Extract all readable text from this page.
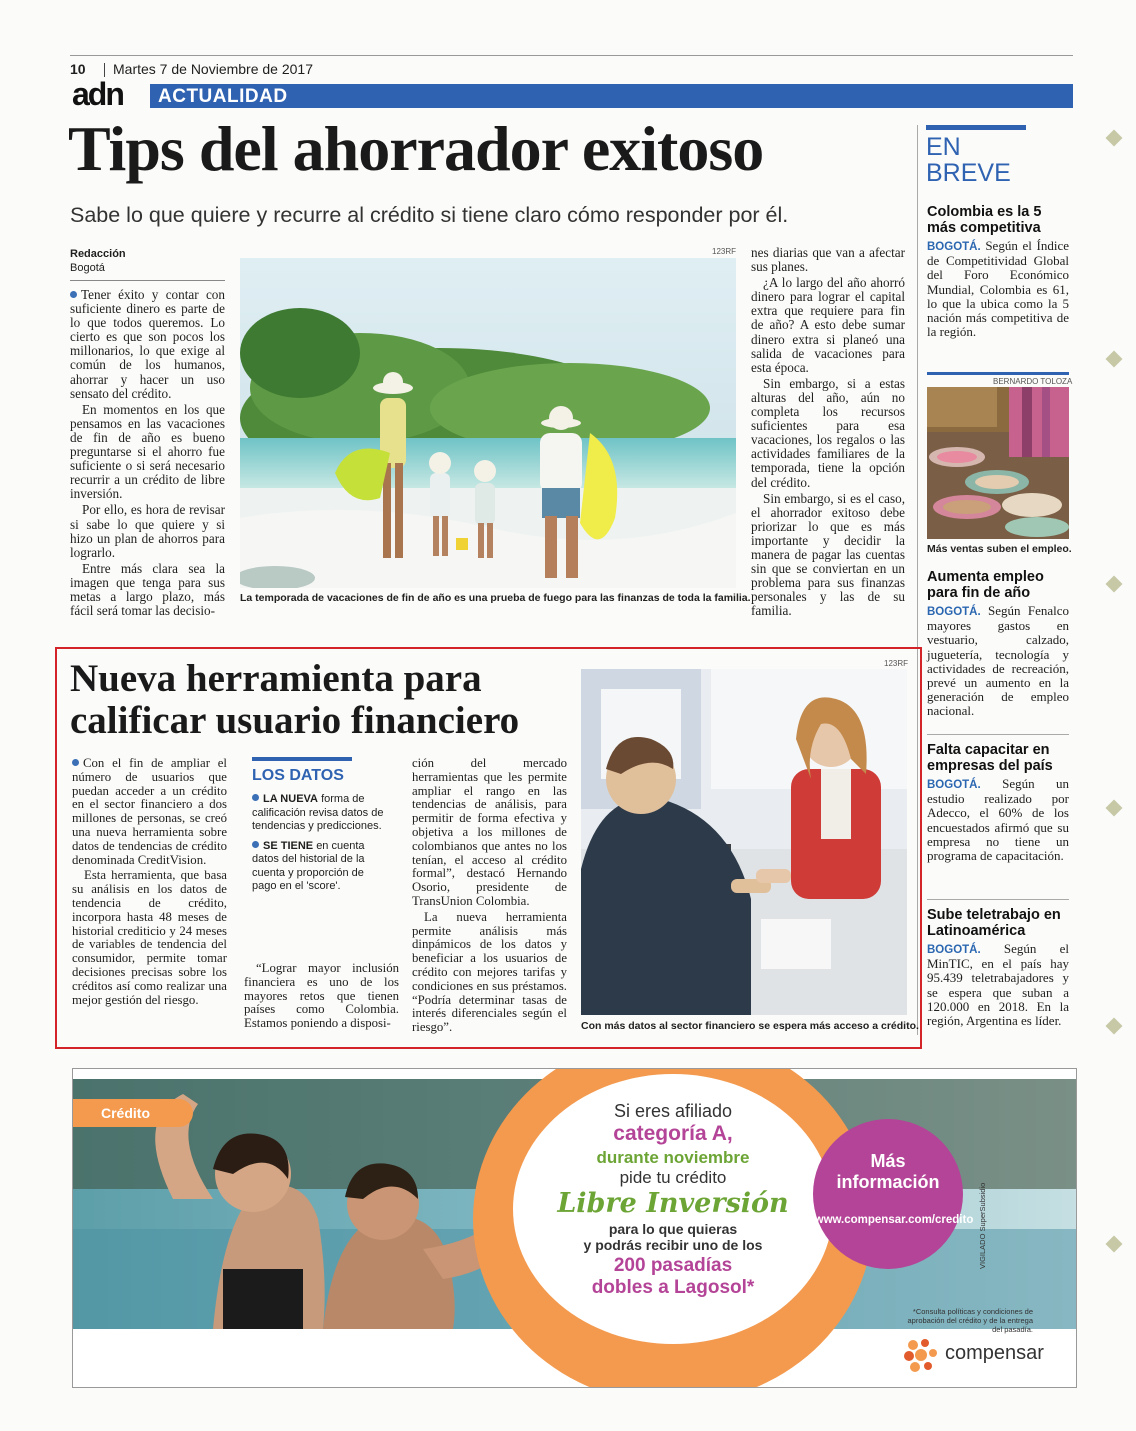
10 Martes 7 de Noviembre de 2017
adn ACTUALIDAD
Tips del ahorrador exitoso
Sabe lo que quiere y recurre al crédito si tiene claro cómo responder por él.
Redacción
Bogotá

Tener éxito y contar con suficiente dinero es parte de lo que todos queremos. Lo cierto es que son pocos los millonarios, lo que exige al común de los humanos, ahorrar y hacer un uso sensato del crédito.

En momentos en los que pensamos en las vacaciones de fin de año es bueno preguntarse si el ahorro fue suficiente o si será necesario recurrir a un crédito de libre inversión.

Por ello, es hora de revisar si sabe lo que quiere y si hizo un plan de ahorros para lograrlo.

Entre más clara sea la imagen que tenga para sus metas a largo plazo, más fácil será tomar las decisio-

123RF
La temporada de vacaciones de fin de año es una prueba de fuego para las finanzas de toda la familia.

nes diarias que van a afectar sus planes.

¿A lo largo del año ahorró dinero para lograr el capital extra que requiere para fin de año? A esto debe sumar dinero extra si planeó una salida de vacaciones para esta época.

Sin embargo, si a estas alturas del año, aún no completa los recursos suficientes para esa vacaciones, los regalos o las actividades familiares de la temporada, tiene la opción del crédito.

Sin embargo, si es el caso, el ahorrador exitoso debe priorizar lo que es más importante y decidir la manera de pagar las cuentas sin que se conviertan en un problema para sus finanzas personales y las de su familia.

EN
BREVE

Colombia es la 5 más competitiva

BOGOTÁ. Según el Índice de Competitividad Global del Foro Económico Mundial, Colombia es 61, lo que la ubica como la 5 nación más competitiva de la región.

BERNARDO TOLOZA
Más ventas suben el empleo.

Aumenta empleo para fin de año

BOGOTÁ. Según Fenalco mayores gastos en vestuario, calzado, juguetería, tecnología y actividades de recreación, prevé un aumento en la generación de empleo nacional.

Falta capacitar en empresas del país

BOGOTÁ. Según un estudio realizado por Adecco, el 60% de los encuestados afirmó que su empresa no tiene un programa de capacitación.

Sube teletrabajo en Latinoamérica

BOGOTÁ. Según el MinTIC, en el país hay 95.439 teletrabajadores y se espera que suban a 120.000 en 2018. En la región, Argentina es líder.

Nueva herramienta para
calificar usuario financiero

Con el fin de ampliar el número de usuarios que puedan acceder a un crédito en el sector financiero a dos millones de personas, se creó una nueva herramienta sobre datos de tendencias de crédito denominada CreditVision.

Esta herramienta, que basa su análisis en los datos de tendencia de crédito, incorpora hasta 48 meses de historial crediticio y 24 meses de variables de tendencia del consumidor, permite tomar decisiones precisas sobre los créditos así como realizar una mejor gestión del riesgo.

LOS DATOS
LA NUEVA forma de calificación revisa datos de tendencias y predicciones.
SE TIENE en cuenta datos del historial de la cuenta y proporción de pago en el 'score'.

“Lograr mayor inclusión financiera es uno de los mayores retos que tienen países como Colombia. Estamos poniendo a disposi-

ción del mercado herramientas que les permite ampliar el rango en las tendencias de análisis, para permitir de forma efectiva y objetiva a los millones de colombianos que antes no los tenían, el acceso al crédito formal”, destacó Hernando Osorio, presidente de TransUnion Colombia.

La nueva herramienta permite análisis más dinpámicos de los datos y beneficiar a los usuarios de crédito con mejores tarifas y condiciones en sus préstamos. “Podría determinar tasas de interés diferenciales según el riesgo”.

123RF
Con más datos al sector financiero se espera más acceso a crédito.
Crédito	Si eres afiliado
categoría A,
durante noviembre
pide tu crédito
Libre Inversión
para lo que quieras
y podrás recibir uno de los
200 pasadías
dobles a Lagosol*
Más
información
www.compensar.com/credito
*Consulta políticas y condiciones de aprobación del crédito y de la entrega del pasadía.
VIGILADO SuperSubsidio
compensar
